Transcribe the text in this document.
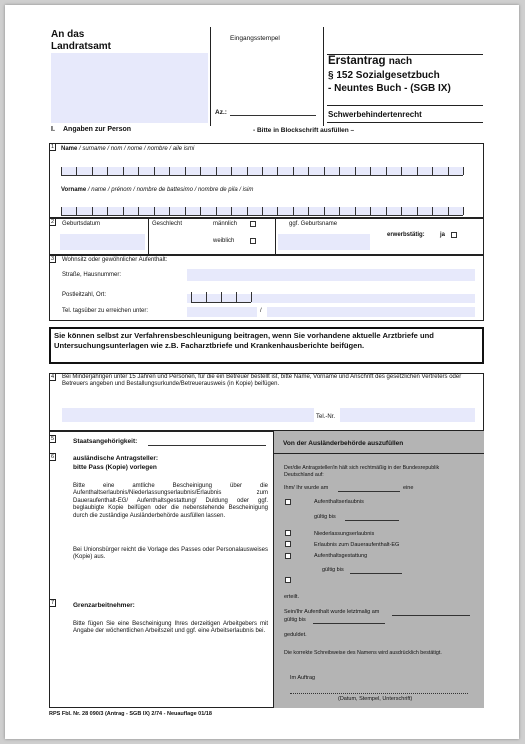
An das
Landratsamt
Eingangsstempel
Az.:
Erstantrag nach
§ 152 Sozialgesetzbuch
- Neuntes Buch - (SGB IX)
Schwerbehindertenrecht
I. Angaben zur Person	- Bitte in Blockschrift ausfüllen –
1	Name / surname / nom / nome / nombre / aile ismi
Vorname / name / prénom / nombre de battesimo / nombre de pila / isim
2	Geburtsdatum	Geschlecht	männlich
weiblich
ggf. Geburtsname
erwerbstätig:	ja
3	Wohnsitz oder gewöhnlicher Aufenthalt:
Straße, Hausnummer:
Postleitzahl, Ort:
Tel. tagsüber zu erreichen unter:	/
Sie können selbst zur Verfahrensbeschleunigung beitragen, wenn Sie vorhandene aktuelle Arztbriefe und Untersuchungsunterlagen wie z.B. Facharztbriefe und Krankenhausberichte beifügen.
4	Bei Minderjährigen unter 15 Jahren und Personen, für die ein Betreuer bestellt ist, bitte Name, Vorname und Anschrift des gesetzlichen Vertreters oder Betreuers angeben und Bestallungsurkunde/Betreuerausweis (in Kopie) beifügen.
Tel.-Nr.
5	Staatsangehörigkeit:
6	ausländische Antragsteller:
bitte Pass (Kopie) vorlegen
Bitte eine amtliche Bescheinigung über die Aufenthaltserlaubnis/Niederlassungserlaubnis/Erlaubnis zum Daueraufenthalt-EG/ Aufenthaltsgestattung/ Duldung oder ggf. beglaubigte Kopie beifügen oder die nebenstehende Bescheinigung durch die zuständige Ausländerbehörde ausfüllen lassen.
Bei Unionsbürger reicht die Vorlage des Passes oder Personalausweises (Kopie) aus.
7	Grenzarbeitnehmer:
Bitte fügen Sie eine Bescheinigung Ihres derzeitigen Arbeitgebers mit Angabe der wöchentlichen Arbeitszeit und ggf. eine Arbeitserlaubnis bei.
Von der Ausländerbehörde auszufüllen
Der/die Antragsteller/in hält sich rechtmäßig in der Bundesrepublik Deutschland auf:
Ihm/ Ihr wurde am	eine
Aufenthaltserlaubnis
gültig bis
Niederlassungserlaubnis
Erlaubnis zum Daueraufenthalt-EG
Aufenthaltsgestattung
gültig bis
erteilt.
Sein/Ihr Aufenthalt wurde letztmalig am
gültig bis
geduldet.
Die korrekte Schreibweise des Namens wird ausdrücklich bestätigt.
Im Auftrag
(Datum, Stempel, Unterschrift)
RPS Fbl. Nr. 28 090/3 (Antrag - SGB IX) 2/74 - Neuauflage 01/18
